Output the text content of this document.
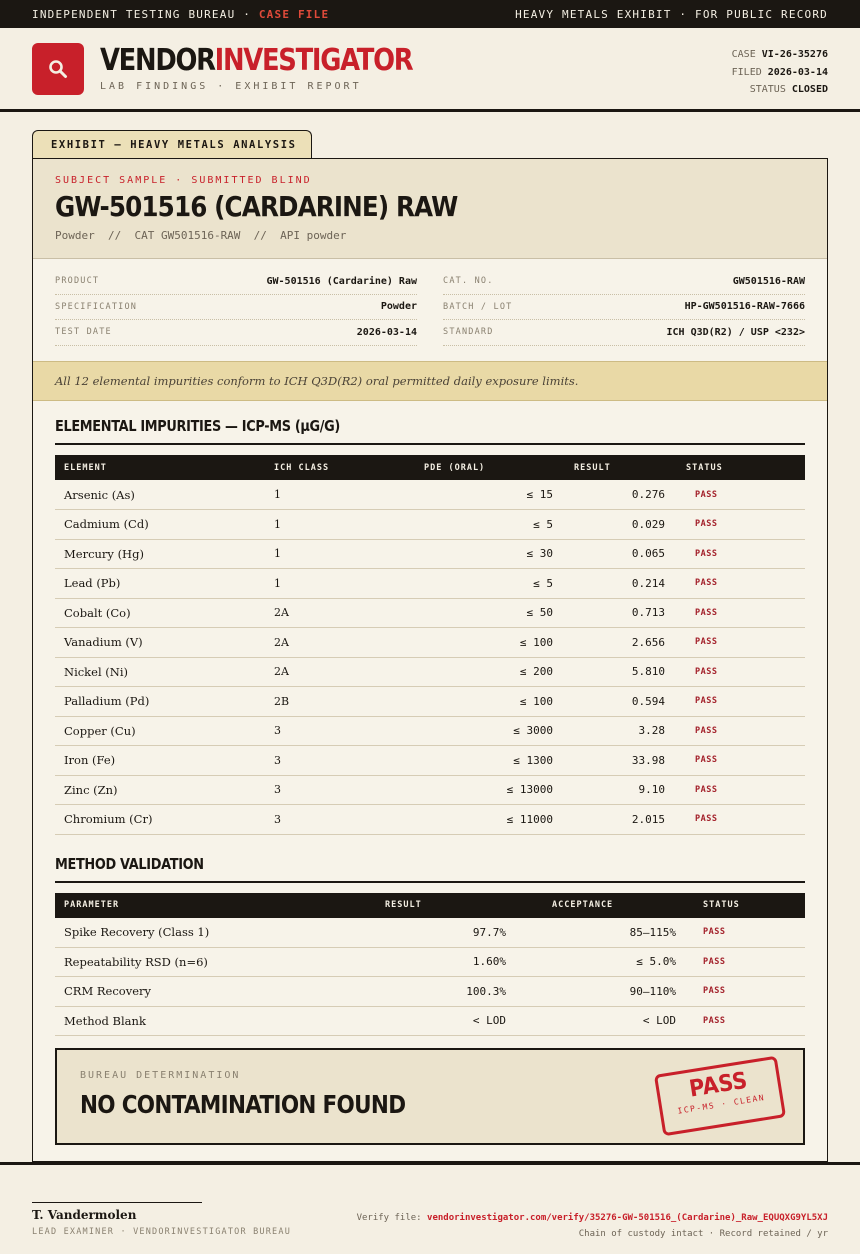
INDEPENDENT TESTING BUREAU · CASE FILE	HEAVY METALS EXHIBIT · FOR PUBLIC RECORD
VENDORINVESTIGATOR
LAB FINDINGS · EXHIBIT REPORT
CASE VI-26-35276
FILED 2026-03-14
STATUS CLOSED
EXHIBIT — HEAVY METALS ANALYSIS
SUBJECT SAMPLE · SUBMITTED BLIND
GW-501516 (CARDARINE) RAW
Powder  //  CAT GW501516-RAW  //  API powder
PRODUCT	GW-501516 (Cardarine) Raw
SPECIFICATION	Powder
TEST DATE	2026-03-14
CAT. NO.	GW501516-RAW
BATCH / LOT	HP-GW501516-RAW-7666
STANDARD	ICH Q3D(R2) / USP <232>
All 12 elemental impurities conform to ICH Q3D(R2) oral permitted daily exposure limits.
ELEMENTAL IMPURITIES — ICP-MS (µG/G)
ELEMENT	ICH CLASS	PDE (ORAL)	RESULT	STATUS
Arsenic (As)	1	≤ 15	0.276	PASS
Cadmium (Cd)	1	≤ 5	0.029	PASS
Mercury (Hg)	1	≤ 30	0.065	PASS
Lead (Pb)	1	≤ 5	0.214	PASS
Cobalt (Co)	2A	≤ 50	0.713	PASS
Vanadium (V)	2A	≤ 100	2.656	PASS
Nickel (Ni)	2A	≤ 200	5.810	PASS
Palladium (Pd)	2B	≤ 100	0.594	PASS
Copper (Cu)	3	≤ 3000	3.28	PASS
Iron (Fe)	3	≤ 1300	33.98	PASS
Zinc (Zn)	3	≤ 13000	9.10	PASS
Chromium (Cr)	3	≤ 11000	2.015	PASS
METHOD VALIDATION
PARAMETER	RESULT	ACCEPTANCE	STATUS
Spike Recovery (Class 1)	97.7%	85–115%	PASS
Repeatability RSD (n=6)	1.60%	≤ 5.0%	PASS
CRM Recovery	100.3%	90–110%	PASS
Method Blank	< LOD	< LOD	PASS
BUREAU DETERMINATION
NO CONTAMINATION FOUND
PASS
ICP-MS · CLEAN
T. Vandermolen
LEAD EXAMINER · VENDORINVESTIGATOR BUREAU
Verify file: vendorinvestigator.com/verify/35276-GW-501516_(Cardarine)_Raw_EQUQXG9YL5XJ
Chain of custody intact · Record retained / yr
